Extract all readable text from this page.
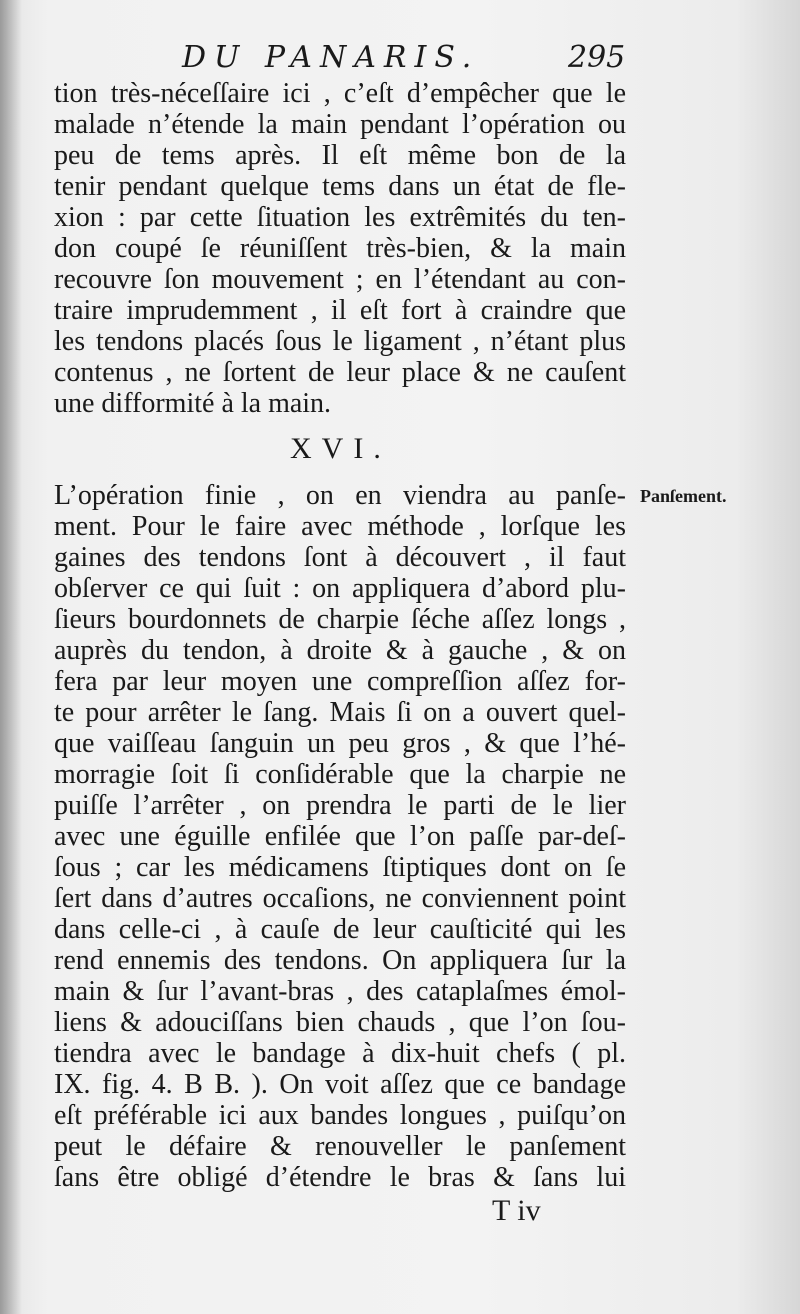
DU PANARIS.	295
tion très-néceſſaire ici , c’eſt d’empêcher que le
malade n’étende la main pendant l’opération ou
peu de tems après. Il eſt même bon de la
tenir pendant quelque tems dans un état de fle-
xion : par cette ſituation les extrêmités du ten-
don coupé ſe réuniſſent très-bien, & la main
recouvre ſon mouvement ; en l’étendant au con-
traire imprudemment , il eſt fort à craindre que
les tendons placés ſous le ligament , n’étant plus
contenus , ne ſortent de leur place & ne cauſent
une difformité à la main.
XVI.
Panſement.
L’opération finie , on en viendra au panſe-
ment. Pour le faire avec méthode , lorſque les
gaines des tendons ſont à découvert , il faut
obſerver ce qui ſuit : on appliquera d’abord plu-
ſieurs bourdonnets de charpie ſéche aſſez longs ,
auprès du tendon, à droite & à gauche , & on
fera par leur moyen une compreſſion aſſez for-
te pour arrêter le ſang. Mais ſi on a ouvert quel-
que vaiſſeau ſanguin un peu gros , & que l’hé-
morragie ſoit ſi conſidérable que la charpie ne
puiſſe l’arrêter , on prendra le parti de le lier
avec une éguille enfilée que l’on paſſe par-deſ-
ſous ; car les médicamens ſtiptiques dont on ſe
ſert dans d’autres occaſions, ne conviennent point
dans celle-ci , à cauſe de leur cauſticité qui les
rend ennemis des tendons. On appliquera ſur la
main & ſur l’avant-bras , des cataplaſmes émol-
liens & adouciſſans bien chauds , que l’on ſou-
tiendra avec le bandage à dix-huit chefs ( pl.
IX. fig. 4. B B. ). On voit aſſez que ce bandage
eſt préférable ici aux bandes longues , puiſqu’on
peut le défaire & renouveller le panſement
ſans être obligé d’étendre le bras & ſans lui
T iv
